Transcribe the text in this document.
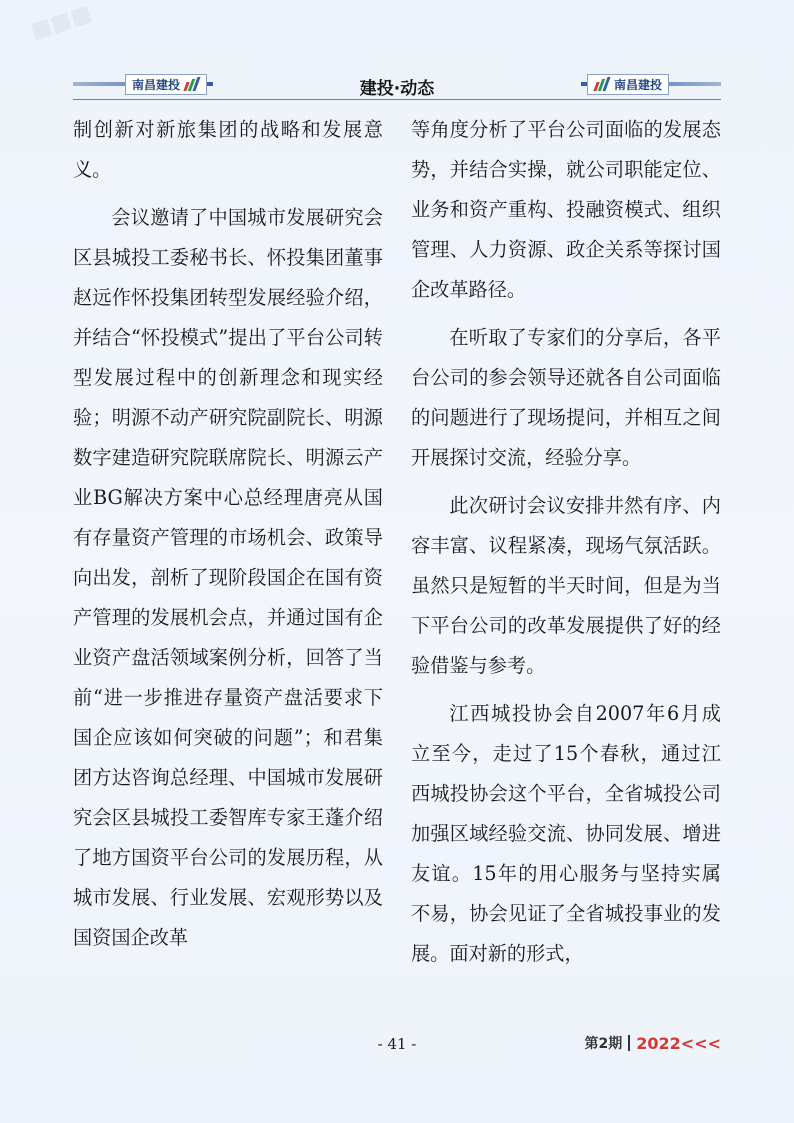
■■■
南昌建投	建投·动态	南昌建投

制创新对新旅集团的战略和发展意义。

会议邀请了中国城市发展研究会区县城投工委秘书长、怀投集团董事赵远作怀投集团转型发展经验介绍，并结合“怀投模式”提出了平台公司转型发展过程中的创新理念和现实经验；明源不动产研究院副院长、明源数字建造研究院联席院长、明源云产业BG解决方案中心总经理唐亮从国有存量资产管理的市场机会、政策导向出发，剖析了现阶段国企在国有资产管理的发展机会点，并通过国有企业资产盘活领域案例分析，回答了当前“进一步推进存量资产盘活要求下国企应该如何突破的问题”；和君集团方达咨询总经理、中国城市发展研究会区县城投工委智库专家王蓬介绍了地方国资平台公司的发展历程，从城市发展、行业发展、宏观形势以及国资国企改革

等角度分析了平台公司面临的发展态势，并结合实操，就公司职能定位、业务和资产重构、投融资模式、组织管理、人力资源、政企关系等探讨国企改革路径。

在听取了专家们的分享后，各平台公司的参会领导还就各自公司面临的问题进行了现场提问，并相互之间开展探讨交流，经验分享。

此次研讨会议安排井然有序、内容丰富、议程紧凑，现场气氛活跃。虽然只是短暂的半天时间，但是为当下平台公司的改革发展提供了好的经验借鉴与参考。

江西城投协会自2007年6月成立至今，走过了15个春秋，通过江西城投协会这个平台，全省城投公司加强区域经验交流、协同发展、增进友谊。15年的用心服务与坚持实属不易，协会见证了全省城投事业的发展。面对新的形式，

- 41 -	第2期 2022<<<
